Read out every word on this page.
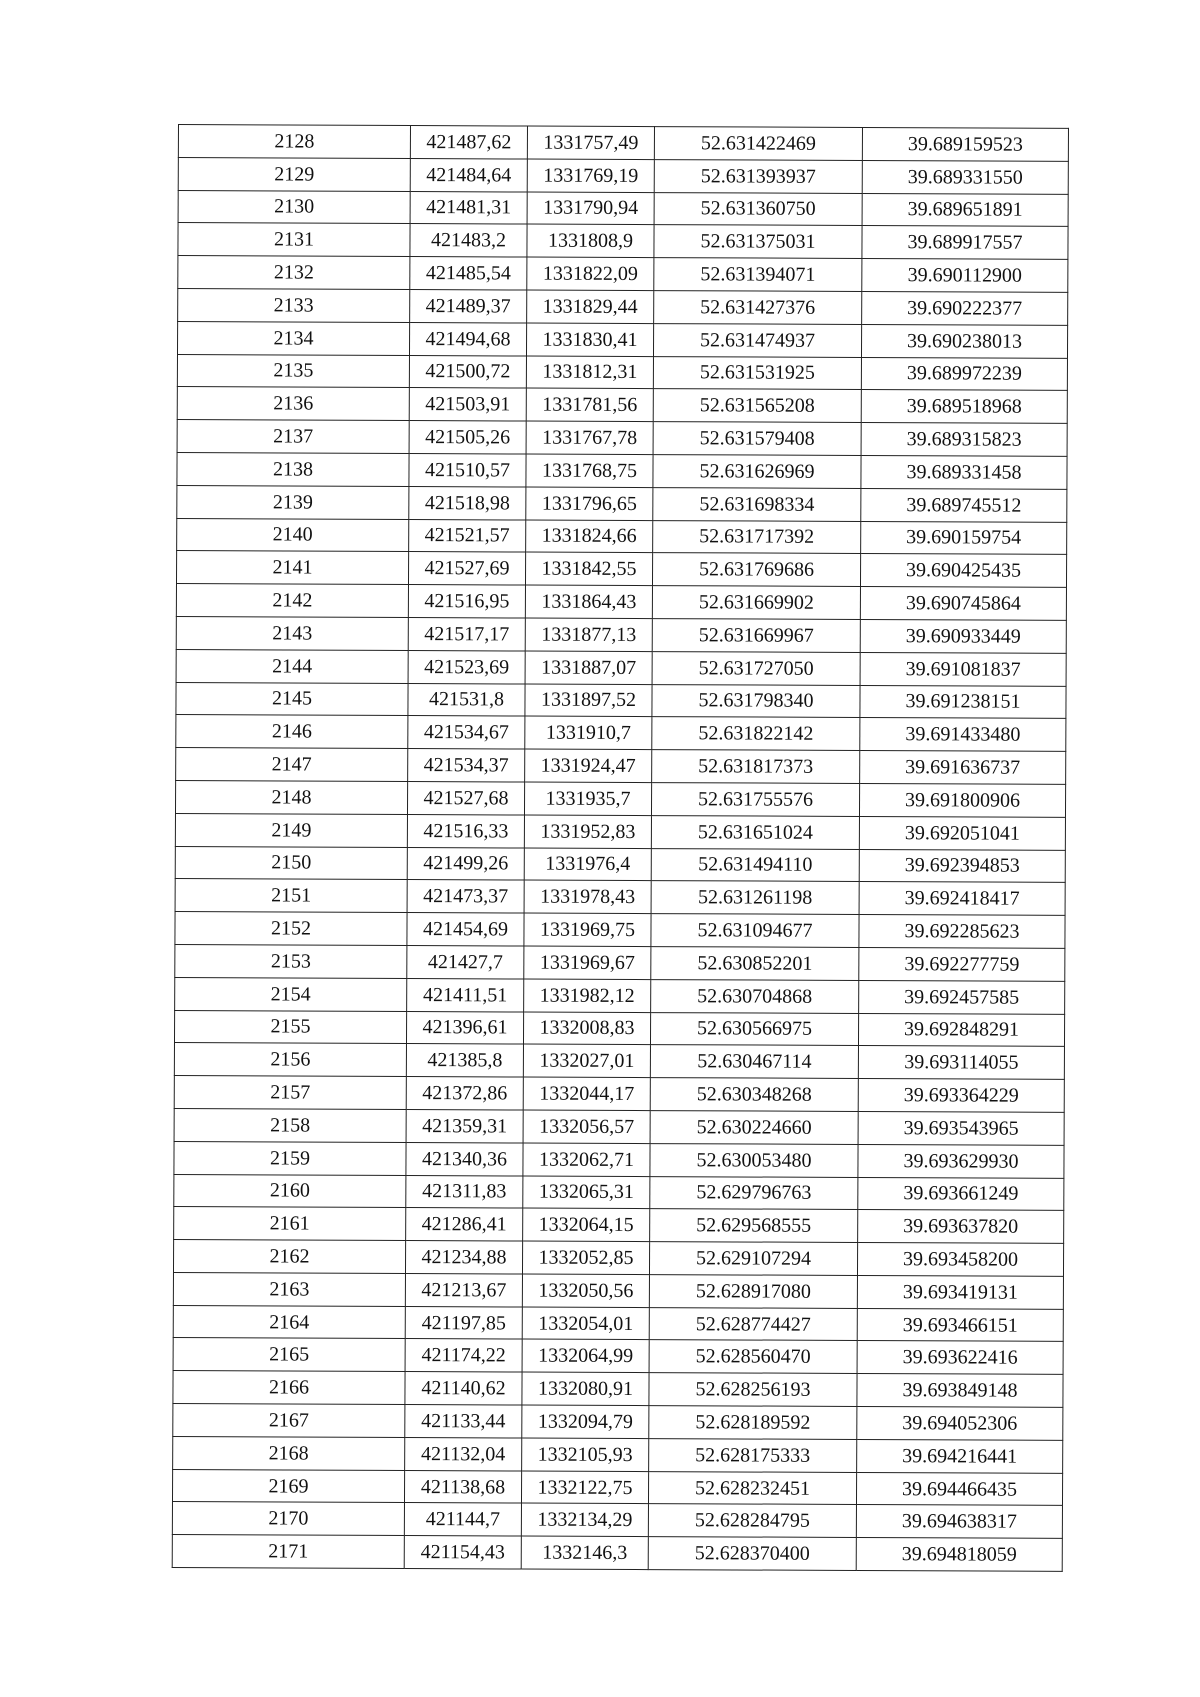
2128	421487,62	1331757,49	52.631422469	39.689159523
2129	421484,64	1331769,19	52.631393937	39.689331550
2130	421481,31	1331790,94	52.631360750	39.689651891
2131	421483,2	1331808,9	52.631375031	39.689917557
2132	421485,54	1331822,09	52.631394071	39.690112900
2133	421489,37	1331829,44	52.631427376	39.690222377
2134	421494,68	1331830,41	52.631474937	39.690238013
2135	421500,72	1331812,31	52.631531925	39.689972239
2136	421503,91	1331781,56	52.631565208	39.689518968
2137	421505,26	1331767,78	52.631579408	39.689315823
2138	421510,57	1331768,75	52.631626969	39.689331458
2139	421518,98	1331796,65	52.631698334	39.689745512
2140	421521,57	1331824,66	52.631717392	39.690159754
2141	421527,69	1331842,55	52.631769686	39.690425435
2142	421516,95	1331864,43	52.631669902	39.690745864
2143	421517,17	1331877,13	52.631669967	39.690933449
2144	421523,69	1331887,07	52.631727050	39.691081837
2145	421531,8	1331897,52	52.631798340	39.691238151
2146	421534,67	1331910,7	52.631822142	39.691433480
2147	421534,37	1331924,47	52.631817373	39.691636737
2148	421527,68	1331935,7	52.631755576	39.691800906
2149	421516,33	1331952,83	52.631651024	39.692051041
2150	421499,26	1331976,4	52.631494110	39.692394853
2151	421473,37	1331978,43	52.631261198	39.692418417
2152	421454,69	1331969,75	52.631094677	39.692285623
2153	421427,7	1331969,67	52.630852201	39.692277759
2154	421411,51	1331982,12	52.630704868	39.692457585
2155	421396,61	1332008,83	52.630566975	39.692848291
2156	421385,8	1332027,01	52.630467114	39.693114055
2157	421372,86	1332044,17	52.630348268	39.693364229
2158	421359,31	1332056,57	52.630224660	39.693543965
2159	421340,36	1332062,71	52.630053480	39.693629930
2160	421311,83	1332065,31	52.629796763	39.693661249
2161	421286,41	1332064,15	52.629568555	39.693637820
2162	421234,88	1332052,85	52.629107294	39.693458200
2163	421213,67	1332050,56	52.628917080	39.693419131
2164	421197,85	1332054,01	52.628774427	39.693466151
2165	421174,22	1332064,99	52.628560470	39.693622416
2166	421140,62	1332080,91	52.628256193	39.693849148
2167	421133,44	1332094,79	52.628189592	39.694052306
2168	421132,04	1332105,93	52.628175333	39.694216441
2169	421138,68	1332122,75	52.628232451	39.694466435
2170	421144,7	1332134,29	52.628284795	39.694638317
2171	421154,43	1332146,3	52.628370400	39.694818059
